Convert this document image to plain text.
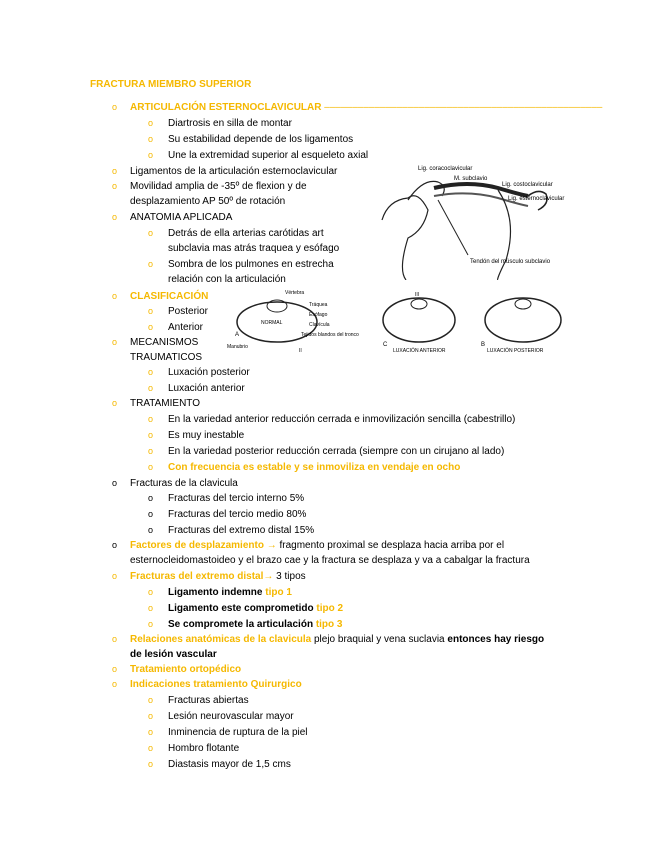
FRACTURA MIEMBRO SUPERIOR
o ARTICULACIÓN ESTERNOCLAVICULAR ––––––––––––––––––––––––––––––––––––––––––––––––––
o Diartrosis en silla de montar
o Su estabilidad depende de los ligamentos
o Une la extremidad superior al esqueleto axial
o Ligamentos de la articulación esternoclavicular
o Movilidad amplia de -35º de flexion y de
desplazamiento AP 50º de rotación
o ANATOMIA APLICADA
o Detrás de ella arterias carótidas art
subclavia mas atrás traquea y esófago
o Sombra de los pulmones en estrecha
relación con la articulación
o CLASIFICACIÓN
o Posterior
o Anterior
o MECANISMOS
TRAUMATICOS
o Luxación posterior
o Luxación anterior
o TRATAMIENTO
o En la variedad anterior reducción cerrada e inmovilización sencilla (cabestrillo)
o Es muy inestable
o En la variedad posterior reducción cerrada (siempre con un cirujano al lado)
o Con frecuencia es estable y se inmoviliza en vendaje en ocho
o Fracturas de la clavicula
o Fracturas del tercio interno 5%
o Fracturas del tercio medio 80%
o Fracturas del extremo distal 15%
o Factores de desplazamiento → fragmento proximal se desplaza hacia arriba por el
esternocleidomastoideo y el brazo cae y la fractura se desplaza y va a cabalgar la fractura
o Fracturas del extremo distal→ 3 tipos
o Ligamento indemne tipo 1
o Ligamento este comprometido tipo 2
o Se compromete la articulación tipo 3
o Relaciones anatómicas de la clavicula plejo braquial y vena suclavia entonces hay riesgo
de lesión vascular
o Tratamiento ortopédico
o Indicaciones tratamiento Quirurgico
o Fracturas abiertas
o Lesión neurovascular mayor
o Inminencia de ruptura de la piel
o Hombro flotante
o Diastasis mayor de 1,5 cms
Lig. coracoclavicular
M. subclavio
Lig. costoclavicular
Lig. esternoclavicular
Tendón del músculo subclavio
A
Vértebra
Tráquea
Esófago
NORMAL	Clavícula
Tejidos blandos del tronco
Manubrio
II
III
C
LUXACIÓN ANTERIOR
B
LUXACIÓN POSTERIOR
